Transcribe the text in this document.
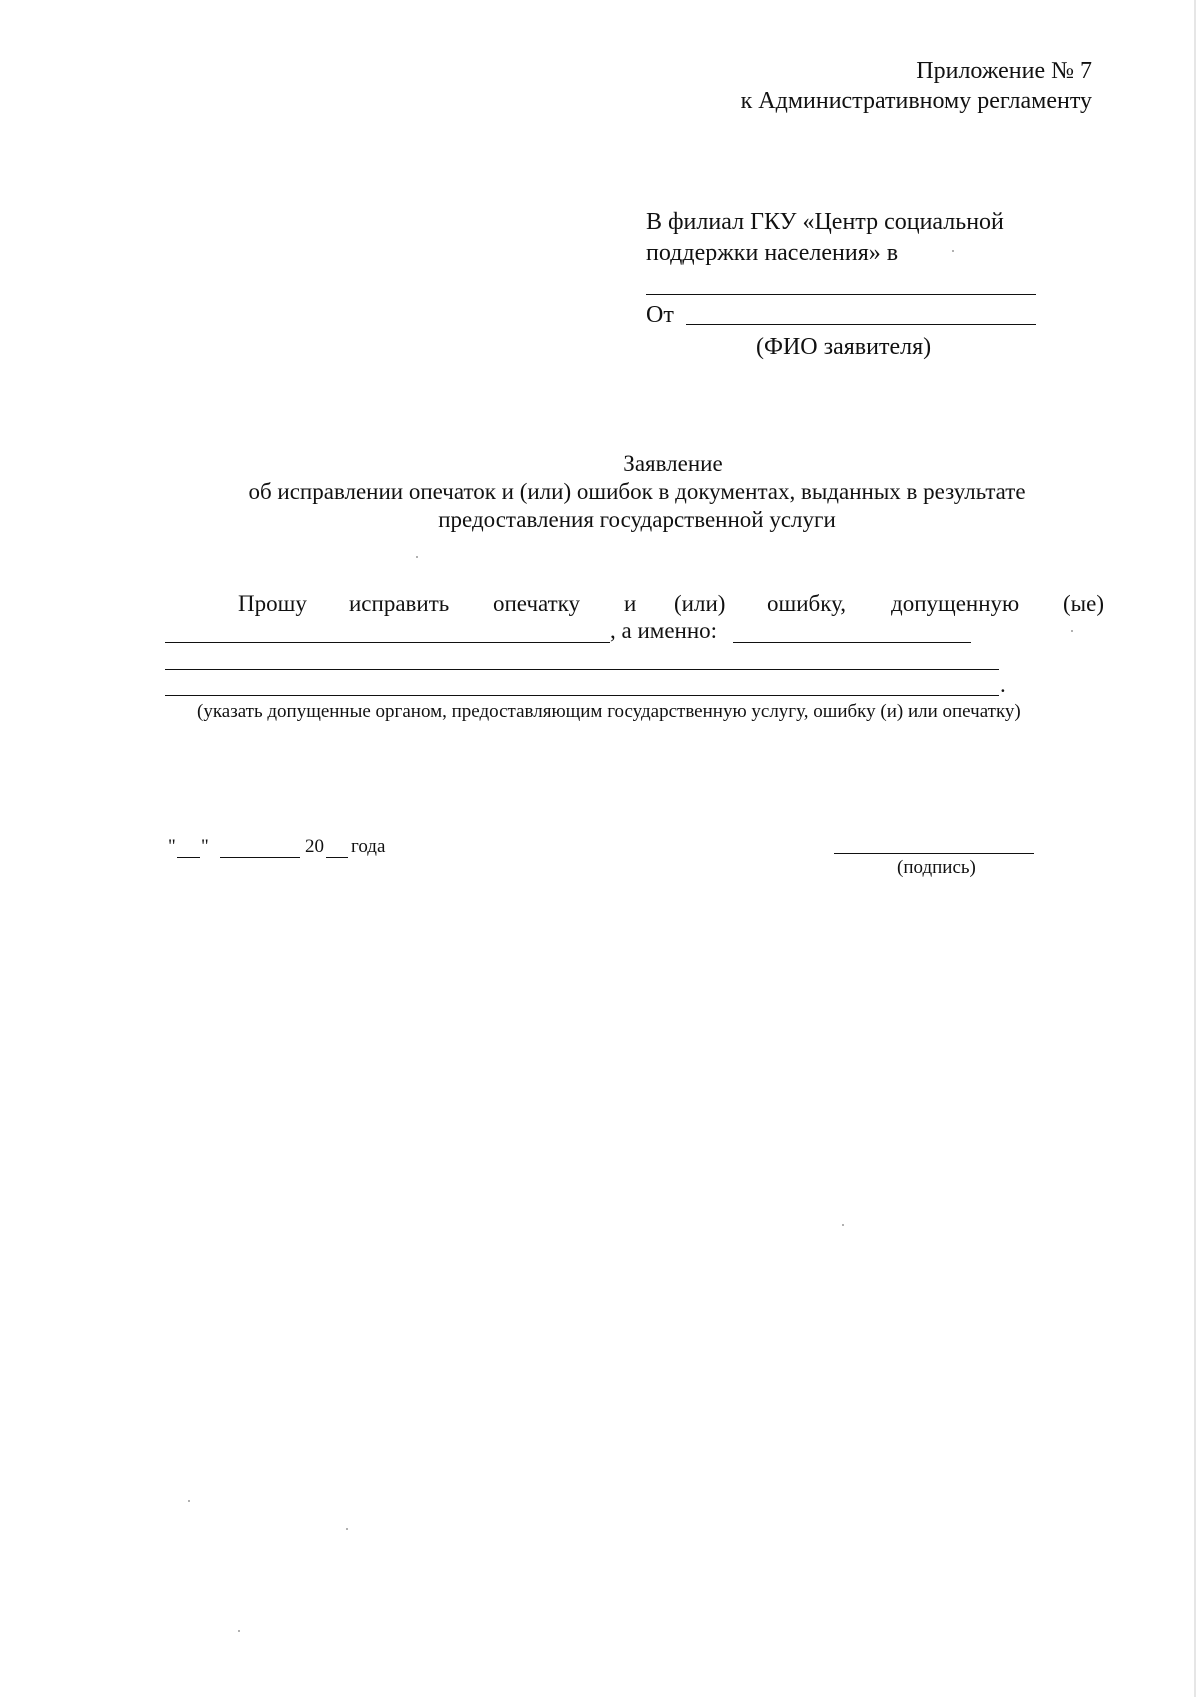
Приложение № 7
к Административному регламенту
В филиал ГКУ «Центр социальной
поддержки населения» в
От
(ФИО заявителя)
Заявление
об исправлении опечаток и (или) ошибок в документах, выданных в результате
предоставления государственной услуги
Прошу исправить опечатку и (или) ошибку, допущенную (ые)
, а именно:
.
(указать допущенные органом, предоставляющим государственную услугу, ошибку (и) или опечатку)
" "	20 года
(подпись)
